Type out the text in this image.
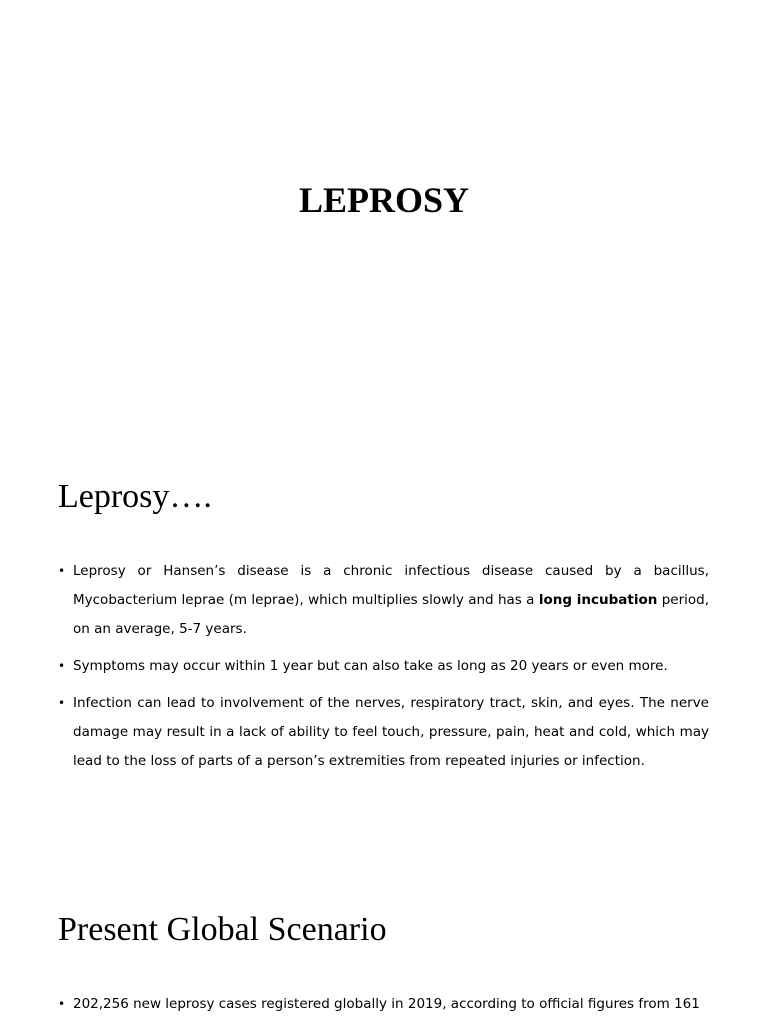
LEPROSY
Leprosy….
• Leprosy or Hansen’s disease is a chronic infectious disease caused by a bacillus, Mycobacterium leprae (m leprae), which multiplies slowly and has a long incubation period, on an average, 5-7 years.
• Symptoms may occur within 1 year but can also take as long as 20 years or even more.
• Infection can lead to involvement of the nerves, respiratory tract, skin, and eyes. The nerve damage may result in a lack of ability to feel touch, pressure, pain, heat and cold, which may lead to the loss of parts of a person’s extremities from repeated injuries or infection.
Present Global Scenario
• 202,256 new leprosy cases registered globally in 2019, according to official figures from 161
